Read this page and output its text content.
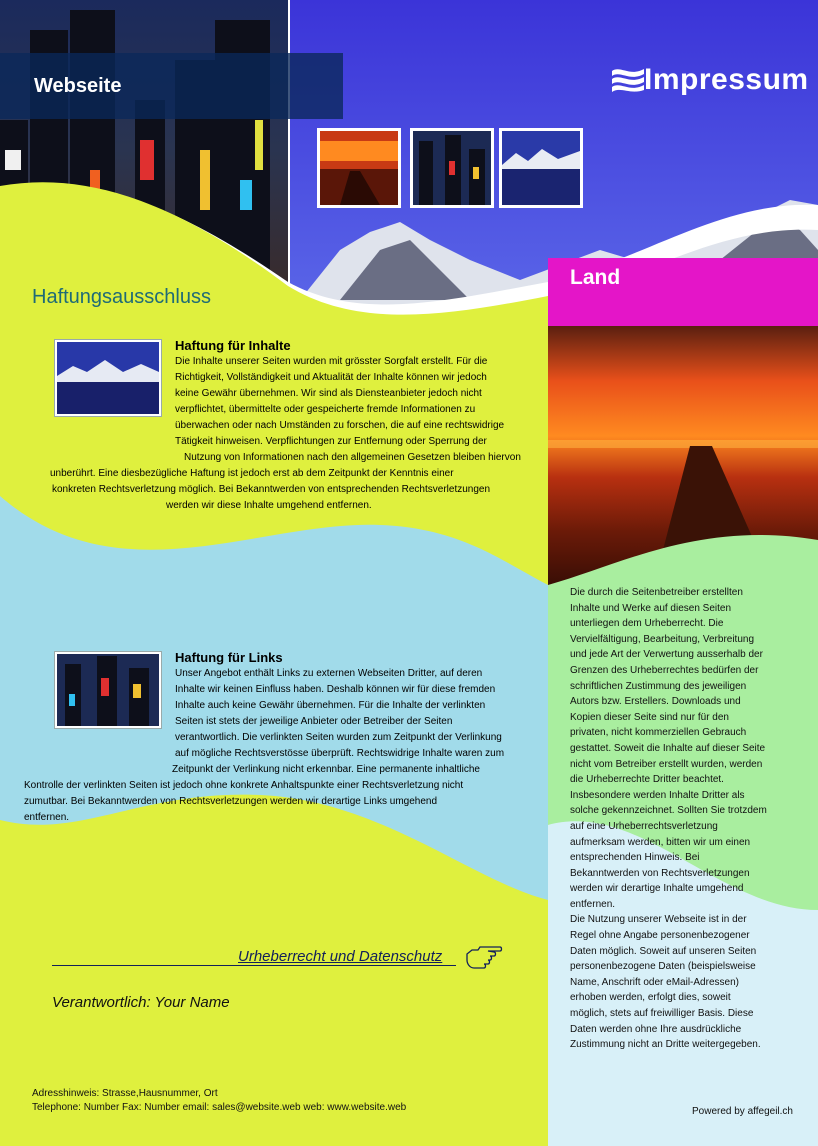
Webseite	Impressum
Land
Haftungsausschluss
Haftung für Inhalte
Die Inhalte unserer Seiten wurden mit grösster Sorgfalt erstellt. Für die
Richtigkeit, Vollständigkeit und Aktualität der Inhalte können wir jedoch
keine Gewähr übernehmen. Wir sind als Diensteanbieter jedoch nicht
verpflichtet, übermittelte oder gespeicherte fremde Informationen zu
überwachen oder nach Umständen zu forschen, die auf eine rechtswidrige
Tätigkeit hinweisen. Verpflichtungen zur Entfernung oder Sperrung der
Nutzung von Informationen nach den allgemeinen Gesetzen bleiben hiervon
unberührt. Eine diesbezügliche Haftung ist jedoch erst ab dem Zeitpunkt der Kenntnis einer
konkreten Rechtsverletzung möglich. Bei Bekanntwerden von entsprechenden Rechtsverletzungen
werden wir diese Inhalte umgehend entfernen.
Haftung für Links
Unser Angebot enthält Links zu externen Webseiten Dritter, auf deren
Inhalte wir keinen Einfluss haben. Deshalb können wir für diese fremden
Inhalte auch keine Gewähr übernehmen. Für die Inhalte der verlinkten
Seiten ist stets der jeweilige Anbieter oder Betreiber der Seiten
verantwortlich. Die verlinkten Seiten wurden zum Zeitpunkt der Verlinkung
auf mögliche Rechtsverstösse überprüft. Rechtswidrige Inhalte waren zum
Zeitpunkt der Verlinkung nicht erkennbar. Eine permanente inhaltliche
Kontrolle der verlinkten Seiten ist jedoch ohne konkrete Anhaltspunkte einer Rechtsverletzung nicht
zumutbar. Bei Bekanntwerden von Rechtsverletzungen werden wir derartige Links umgehend
entfernen.
Urheberrecht und Datenschutz
Verantwortlich: Your Name
Adresshinweis: Strasse,Hausnummer, Ort
Telephone: Number Fax: Number email: sales@website.web web: www.website.web
Die durch die Seitenbetreiber erstellten
Inhalte und Werke auf diesen Seiten
unterliegen dem Urheberrecht. Die
Vervielfältigung, Bearbeitung, Verbreitung
und jede Art der Verwertung ausserhalb der
Grenzen des Urheberrechtes bedürfen der
schriftlichen Zustimmung des jeweiligen
Autors bzw. Erstellers. Downloads und
Kopien dieser Seite sind nur für den
privaten, nicht kommerziellen Gebrauch
gestattet. Soweit die Inhalte auf dieser Seite
nicht vom Betreiber erstellt wurden, werden
die Urheberrechte Dritter beachtet.
Insbesondere werden Inhalte Dritter als
solche gekennzeichnet. Sollten Sie trotzdem
auf eine Urheberrechtsverletzung
aufmerksam werden, bitten wir um einen
entsprechenden Hinweis. Bei
Bekanntwerden von Rechtsverletzungen
werden wir derartige Inhalte umgehend
entfernen.
Die Nutzung unserer Webseite ist in der
Regel ohne Angabe personenbezogener
Daten möglich. Soweit auf unseren Seiten
personenbezogene Daten (beispielsweise
Name, Anschrift oder eMail-Adressen)
erhoben werden, erfolgt dies, soweit
möglich, stets auf freiwilliger Basis. Diese
Daten werden ohne Ihre ausdrückliche
Zustimmung nicht an Dritte weitergegeben.
Powered by affegeil.ch
